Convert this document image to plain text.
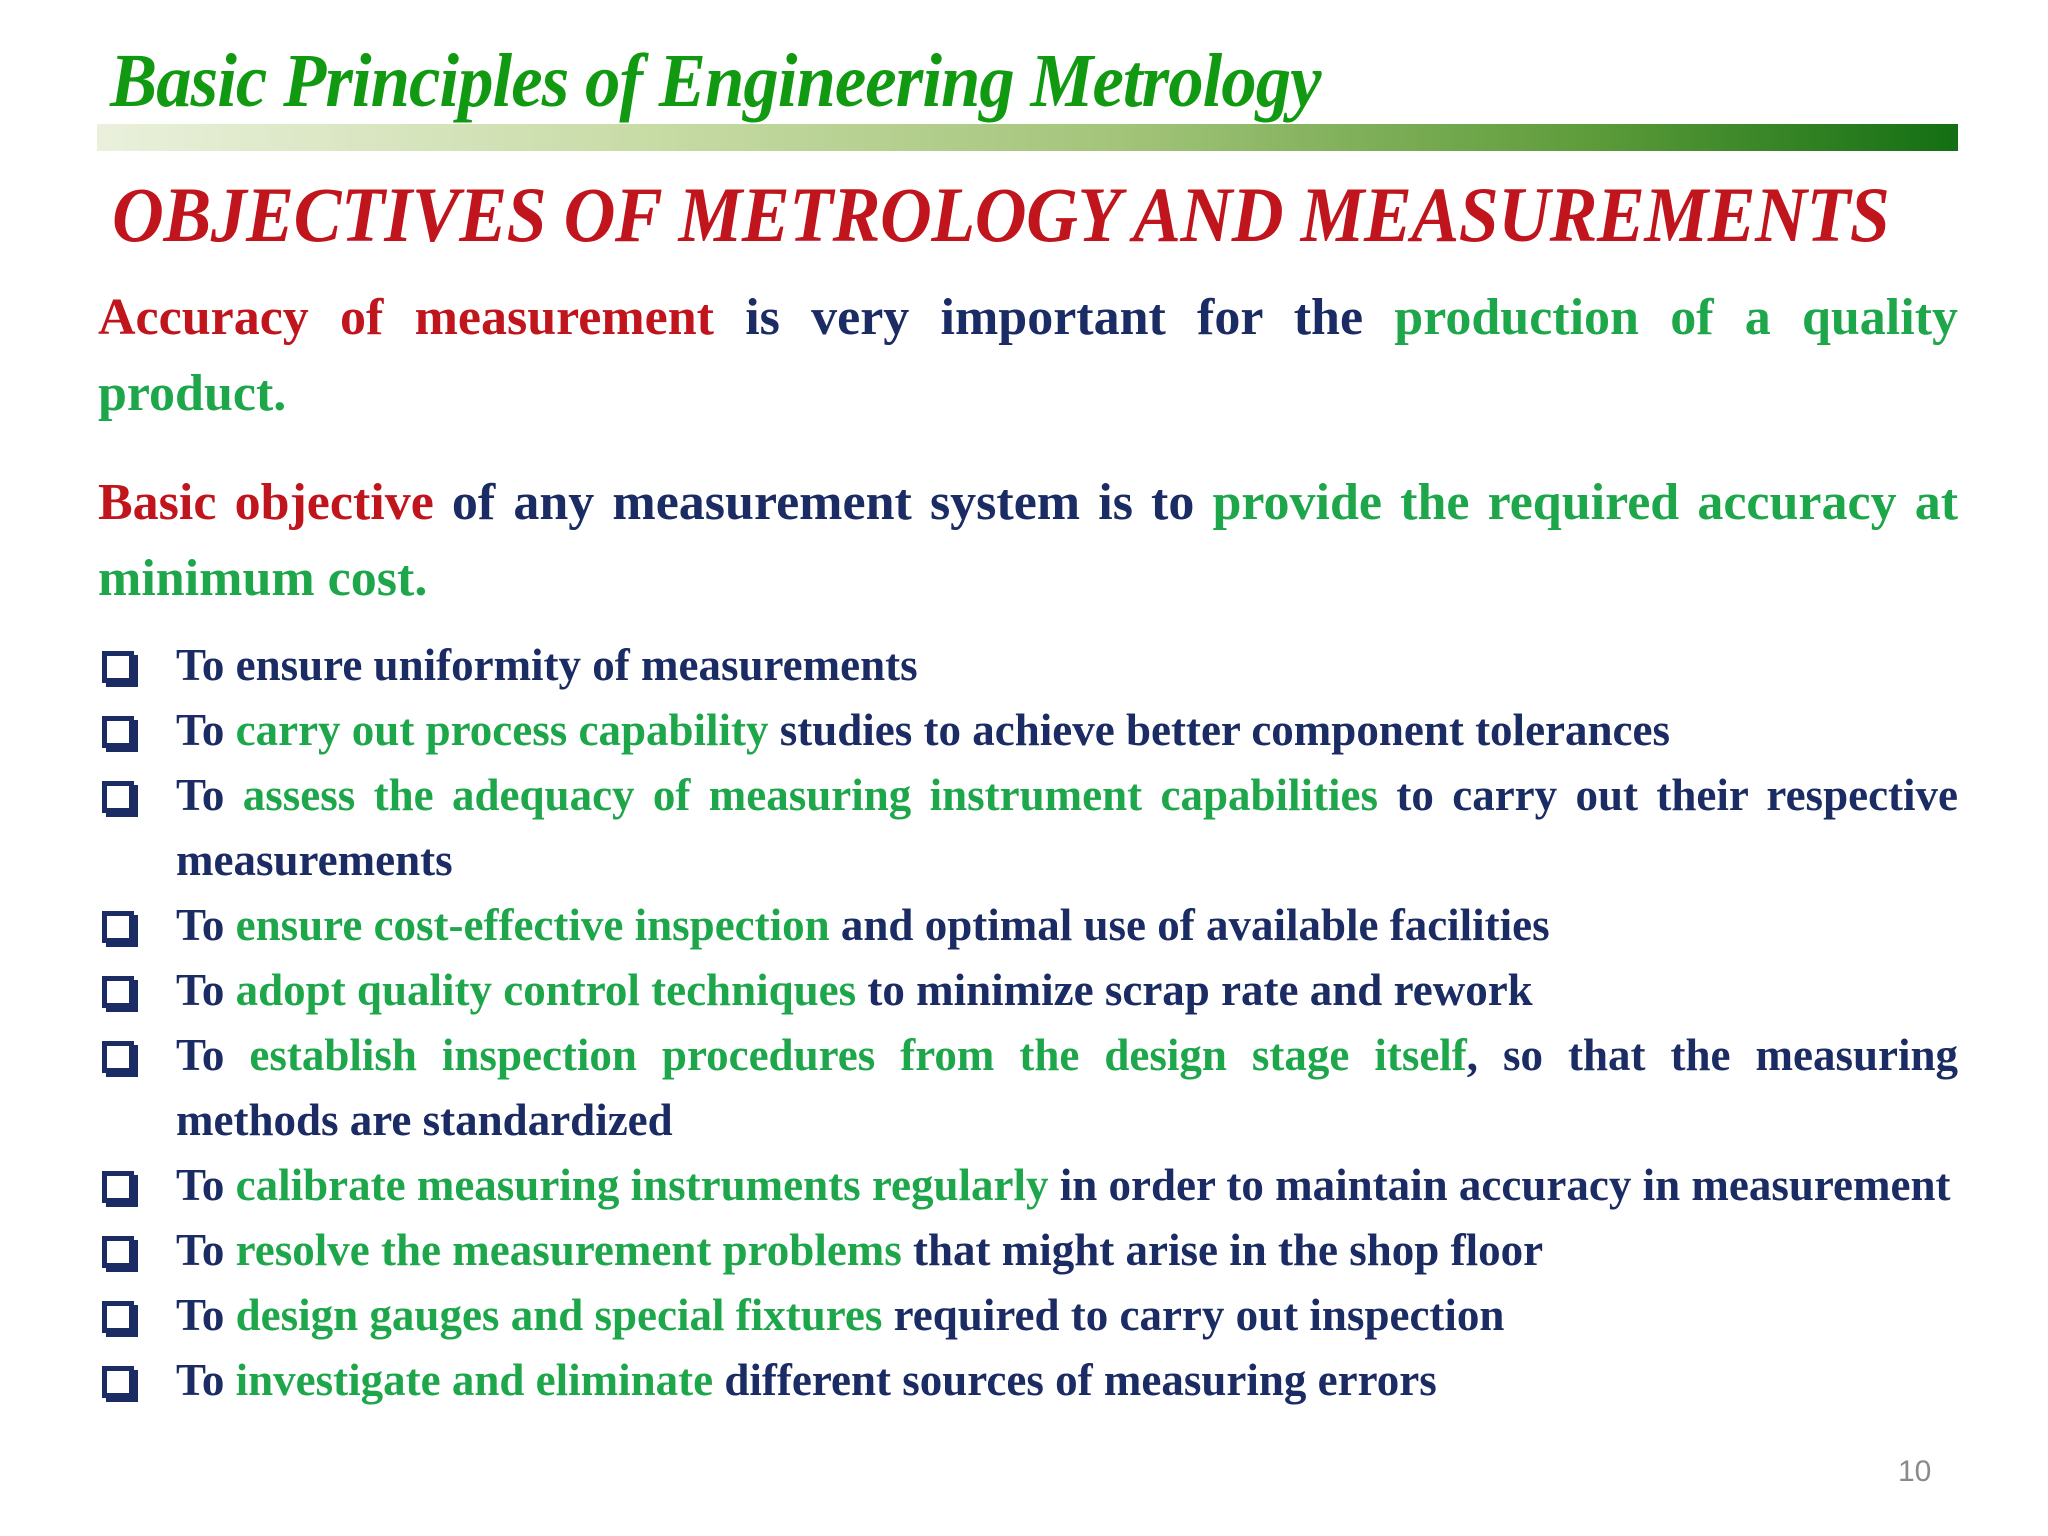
Basic Principles of Engineering Metrology
OBJECTIVES OF METROLOGY AND MEASUREMENTS
Accuracy of measurement is very important for the production of a quality product.
Basic objective of any measurement system is to provide the required accuracy at minimum cost.
To ensure uniformity of measurements
To carry out process capability studies to achieve better component tolerances
To assess the adequacy of measuring instrument capabilities to carry out their respective measurements
To ensure cost-effective inspection and optimal use of available facilities
To adopt quality control techniques to minimize scrap rate and rework
To establish inspection procedures from the design stage itself, so that the measuring methods are standardized
To calibrate measuring instruments regularly in order to maintain accuracy in measurement
To resolve the measurement problems that might arise in the shop floor
To design gauges and special fixtures required to carry out inspection
To investigate and eliminate different sources of measuring errors
10
